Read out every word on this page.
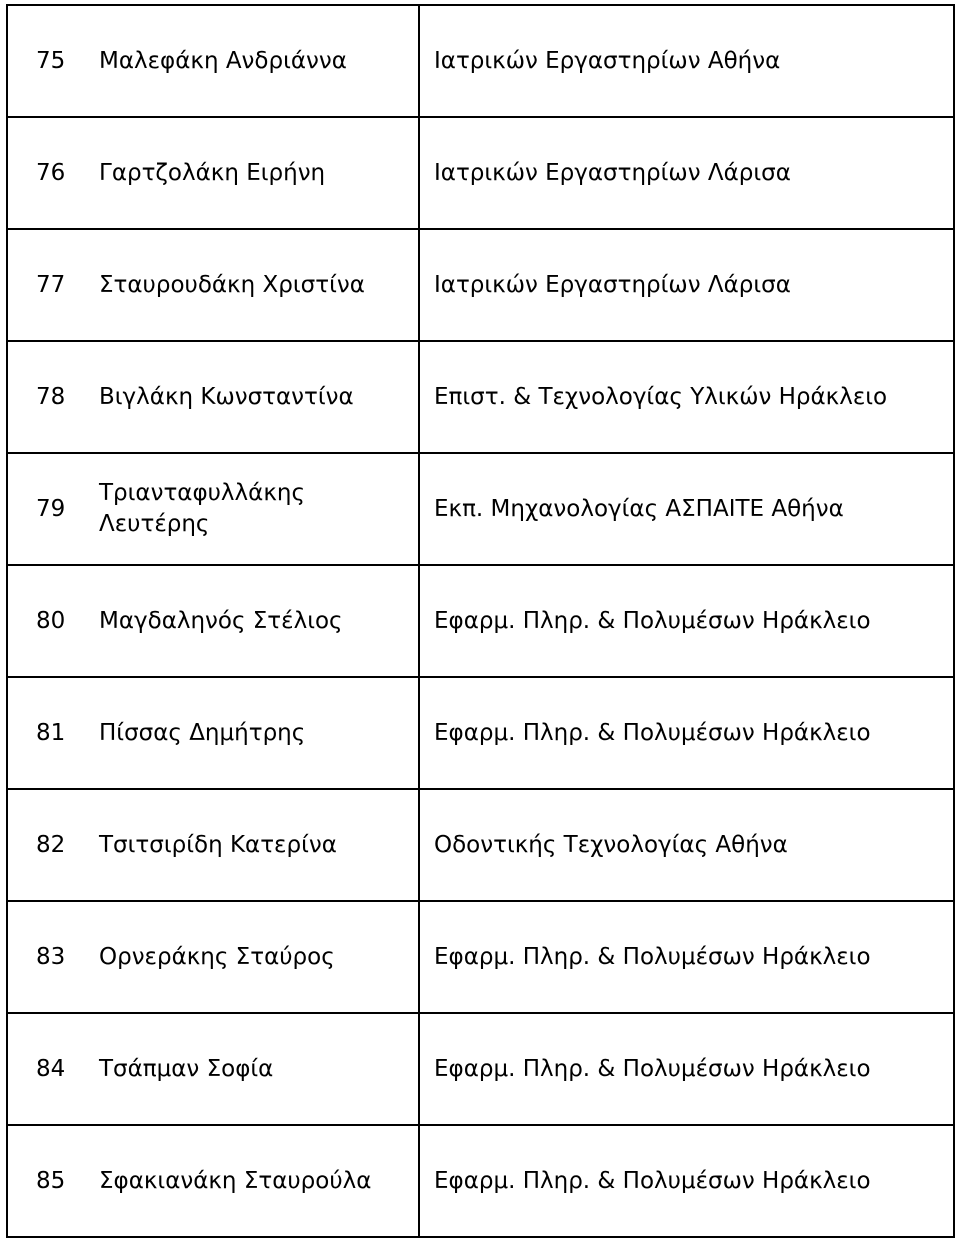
75	Μαλεφάκη Ανδριάννα	Ιατρικών Εργαστηρίων Αθήνα
76	Γαρτζολάκη Ειρήνη	Ιατρικών Εργαστηρίων Λάρισα
77	Σταυρουδάκη Χριστίνα	Ιατρικών Εργαστηρίων Λάρισα
78	Βιγλάκη Κωνσταντίνα	Επιστ. & Τεχνολογίας Υλικών Ηράκλειο
79	Τριανταφυλλάκης Λευτέρης	Εκπ. Μηχανολογίας ΑΣΠΑΙΤΕ Αθήνα
80	Μαγδαληνός Στέλιος	Εφαρμ. Πληρ. & Πολυμέσων Ηράκλειο
81	Πίσσας Δημήτρης	Εφαρμ. Πληρ. & Πολυμέσων Ηράκλειο
82	Τσιτσιρίδη Κατερίνα	Οδοντικής Τεχνολογίας Αθήνα
83	Ορνεράκης Σταύρος	Εφαρμ. Πληρ. & Πολυμέσων Ηράκλειο
84	Τσάπμαν Σοφία	Εφαρμ. Πληρ. & Πολυμέσων Ηράκλειο
85	Σφακιανάκη Σταυρούλα	Εφαρμ. Πληρ. & Πολυμέσων Ηράκλειο
